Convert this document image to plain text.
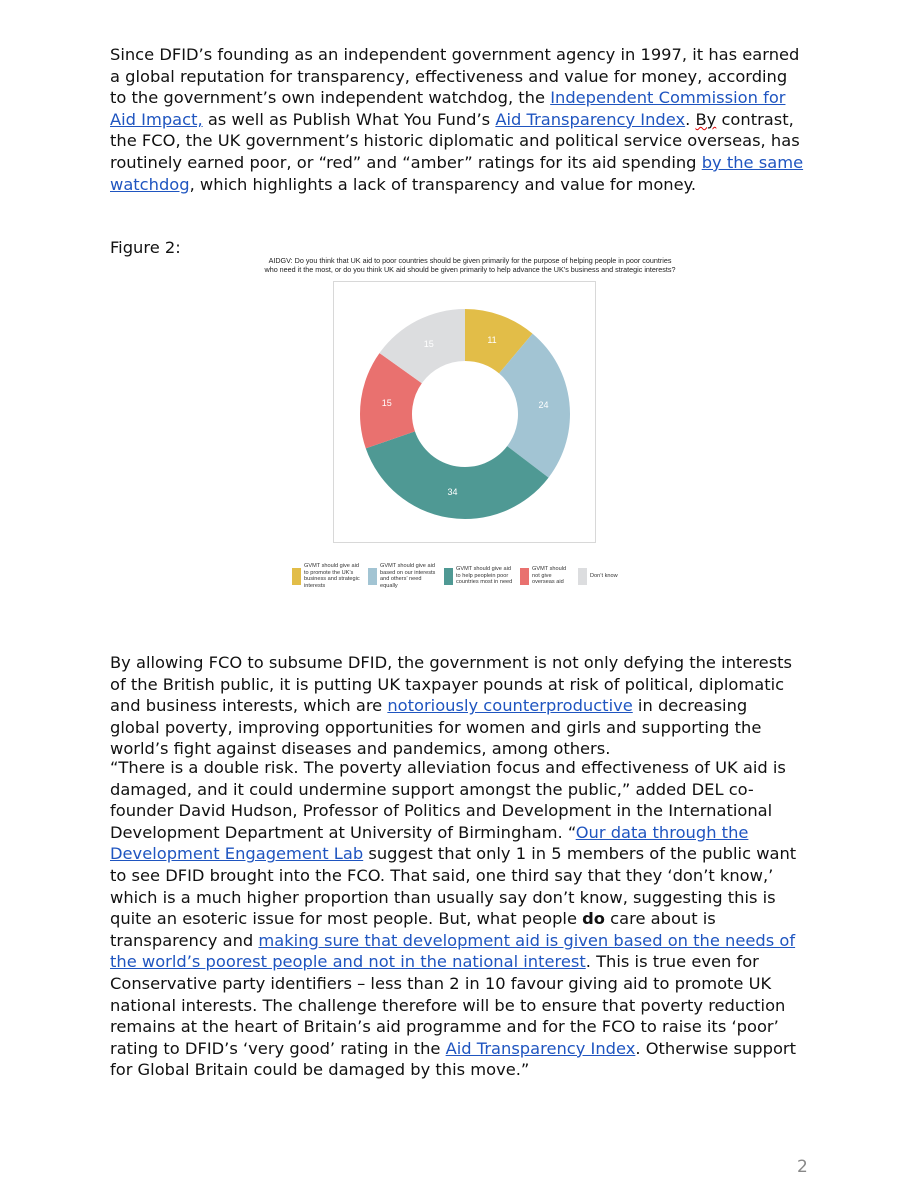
Since DFID’s founding as an independent government agency in 1997, it has earned
a global reputation for transparency, effectiveness and value for money, according
to the government’s own independent watchdog, the Independent Commission for
Aid Impact, as well as Publish What You Fund’s Aid Transparency Index. By contrast,
the FCO, the UK government’s historic diplomatic and political service overseas, has
routinely earned poor, or “red” and “amber” ratings for its aid spending by the same
watchdog, which highlights a lack of transparency and value for money.
Figure 2:
AIDGV: Do you think that UK aid to poor countries should be given primarily for the purpose of helping people in poor countries
who need it the most, or do you think UK aid should be given primarily to help advance the UK’s business and strategic interests?
11
24
34
15
15
GVMT should give aid to promote the UK’s business and strategic interests
GVMT should give aid based on our interests and others’ need equally
GVMT should give aid to help peoplein poor countries most in need
GVMT should not give overseas aid
Don’t know
By allowing FCO to subsume DFID, the government is not only defying the interests
of the British public, it is putting UK taxpayer pounds at risk of political, diplomatic
and business interests, which are notoriously counterproductive in decreasing
global poverty, improving opportunities for women and girls and supporting the
world’s fight against diseases and pandemics, among others.
“There is a double risk. The poverty alleviation focus and effectiveness of UK aid is
damaged, and it could undermine support amongst the public,” added DEL co-
founder David Hudson, Professor of Politics and Development in the International
Development Department at University of Birmingham. “Our data through the
Development Engagement Lab suggest that only 1 in 5 members of the public want
to see DFID brought into the FCO. That said, one third say that they ‘don’t know,’
which is a much higher proportion than usually say don’t know, suggesting this is
quite an esoteric issue for most people. But, what people do care about is
transparency and making sure that development aid is given based on the needs of
the world’s poorest people and not in the national interest. This is true even for
Conservative party identifiers – less than 2 in 10 favour giving aid to promote UK
national interests. The challenge therefore will be to ensure that poverty reduction
remains at the heart of Britain’s aid programme and for the FCO to raise its ‘poor’
rating to DFID’s ‘very good’ rating in the Aid Transparency Index. Otherwise support
for Global Britain could be damaged by this move.”
2
